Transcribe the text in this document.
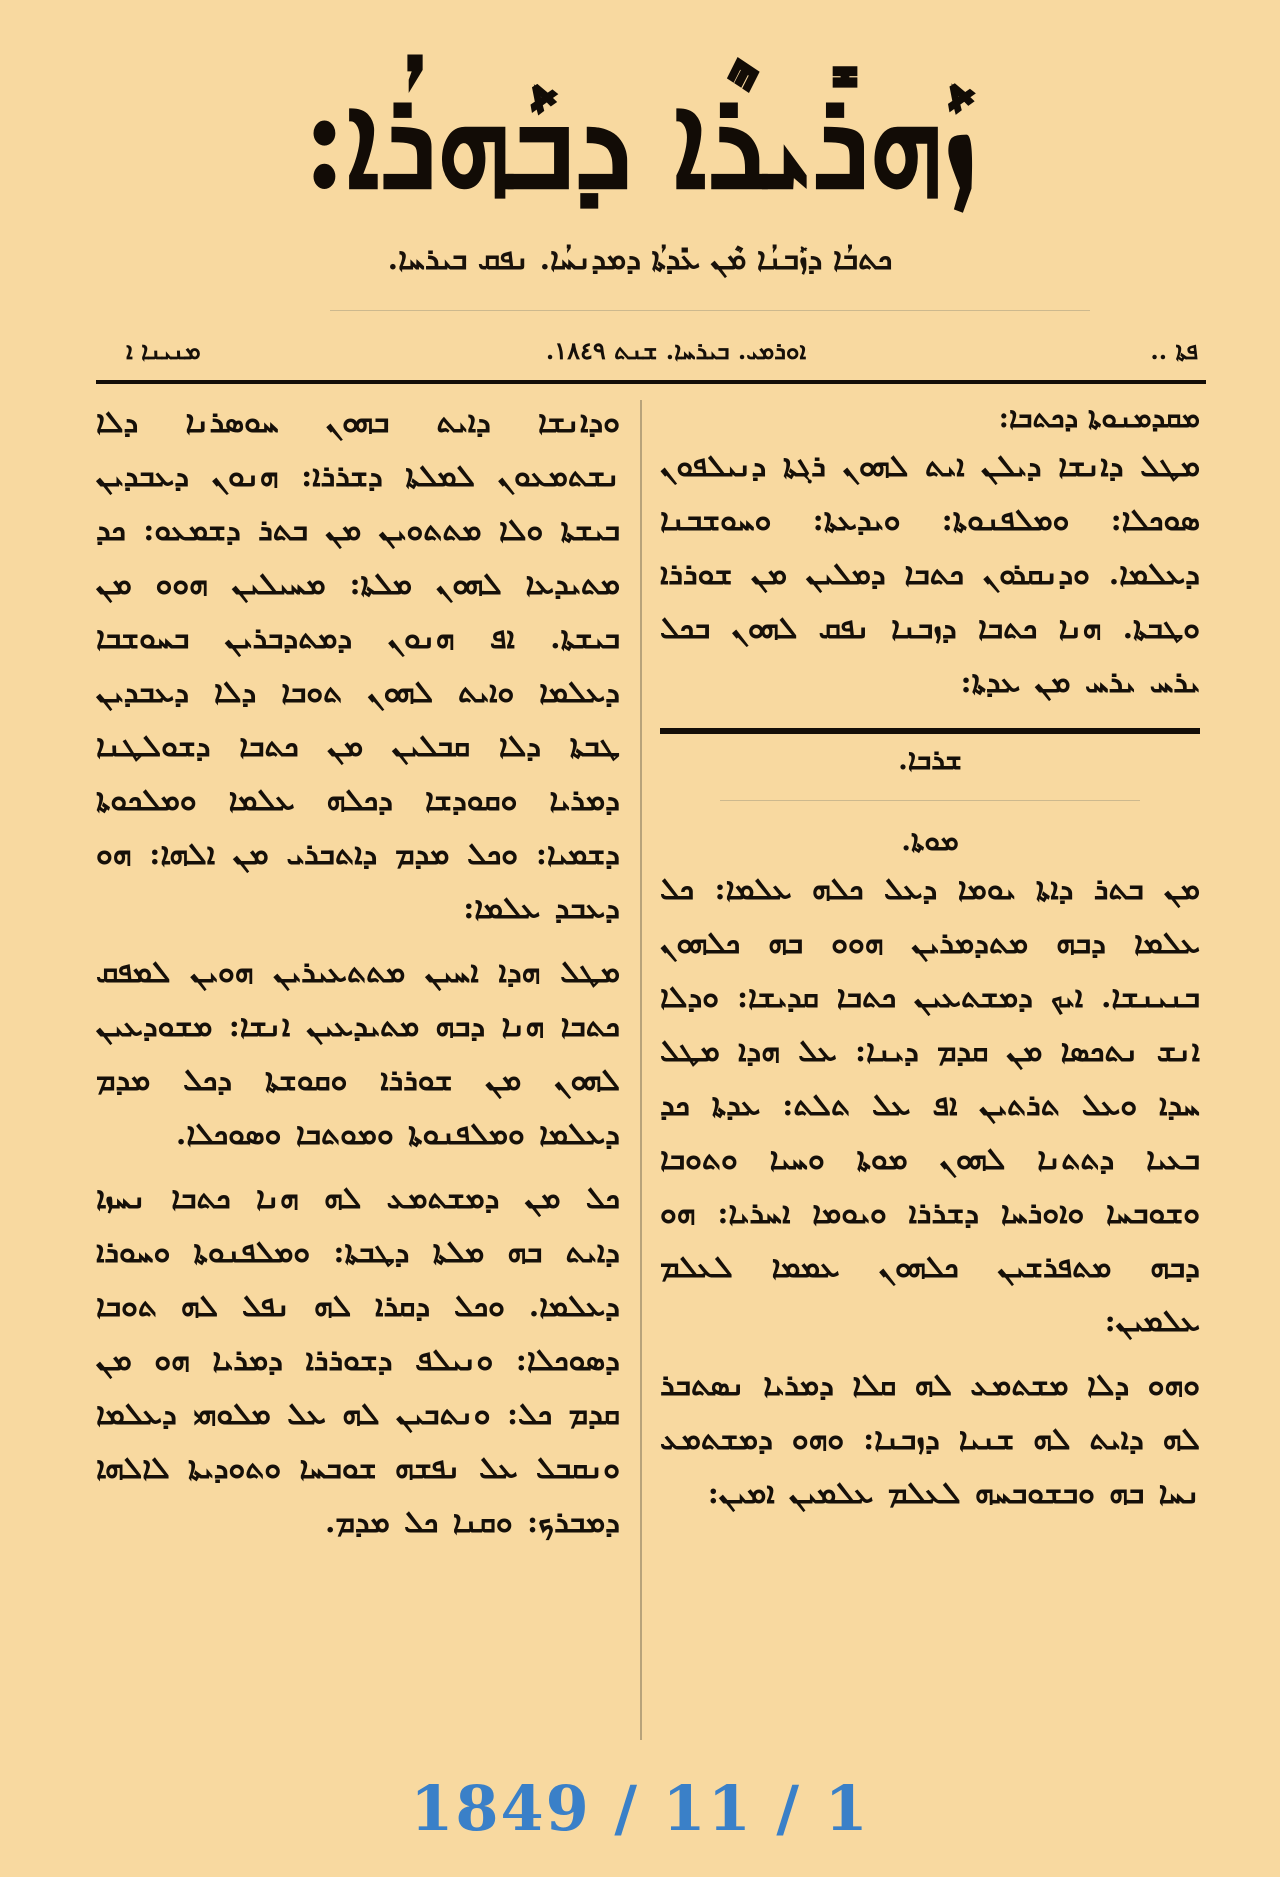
ܙܰܗܪܺܝܪܶܐ ܕܒܰܗܪܳܐ:
ܟܬܒܳܐ ܕܙܰܒܢܳܐ ܡܶܢ ܥܺܕܬܳܐ ܕܡܕܢܚܳܐ. ܢܦܩ ܒܝܪܚܐ.
ܡܢܝܢܐ ܐ	ܐܘܪܡܝ. ܒܝܪܚܐ. ܫܢܬ ١٨٤٩.	ܦܬܐ ..

ܡܩܕܡܢܘܬܐ ܕܟܬܒܐ:

ܡܛܠ ܕܐܢܫܐ ܕܝܠܢ ܐܝܬ ܠܗܘܢ ܪܓܬܐ ܕܢܝܠܦܘܢ ܣܘܟܠܐ: ܘܡܠܦܢܘܬܐ: ܘܝܕܥܬܐ: ܘܚܘܫܒܢܐ ܕܥܠܡܐ. ܘܕܢܩܪܘܢ ܟܬܒܐ ܕܡܠܝܢ ܡܢ ܫܘܪܪܐ ܘܛܒܬܐ. ܗܢܐ ܟܬܒܐ ܕܙܒܢܐ ܢܦܩ ܠܗܘܢ ܒܟܠ ܝܪܚ ܝܪܚ ܡܢ ܥܕܬܐ:

ܫܪܒܐ.

ܡܘܬܐ.

ܡܢ ܒܬܪ ܕܐܬܐ ܝܘܡܐ ܕܥܠ ܟܠܗ ܥܠܡܐ: ܟܠ ܥܠܡܐ ܕܒܗ ܡܬܕܡܪܝܢ ܗܘܘ ܒܗ ܟܠܗܘܢ ܒܢܝܢܫܐ. ܐܝܟ ܕܡܫܬܥܝܢ ܟܬܒܐ ܩܕܝܫܐ: ܘܕܠܐ ܐܢܫ ܢܬܟܣܐ ܡܢ ܩܕܡ ܕܝܢܐ: ܥܠ ܗܕܐ ܡܛܠ ܚܕܐ ܘܥܠ ܬܪܬܝܢ ܐܦ ܥܠ ܬܠܬ: ܥܕܬܐ ܟܕ ܒܥܝܐ ܕܬܬܢܐ ܠܗܘܢ ܡܘܬܐ ܘܚܝܐ ܘܬܘܒܐ ܘܫܘܒܚܐ ܘܐܘܪܚܐ ܕܫܪܪܐ ܘܝܘܡܐ ܐܚܪܝܐ: ܗܘ ܕܒܗ ܡܬܦܪܫܝܢ ܟܠܗܘܢ ܥܡܡܐ ܠܥܠܡ ܥܠܡܝܢ:

ܘܗܘ ܕܠܐ ܡܫܬܡܥ ܠܗ ܩܠܐ ܕܡܪܝܐ ܢܣܬܒܪ ܠܗ ܕܐܝܬ ܠܗ ܫܢܝܐ ܕܙܒܢܐ: ܘܗܘ ܕܡܫܬܡܥ ܢܚܐ ܒܗ ܘܒܫܘܒܚܗ ܠܥܠܡ ܥܠܡܝܢ ܐܡܝܢ:

ܘܕܐܢܫܐ ܕܐܝܬ ܒܗܘܢ ܚܘܣܪܢܐ ܕܠܐ ܢܫܬܡܥܘܢ ܠܡܠܬܐ ܕܫܪܪܐ: ܗܢܘܢ ܕܥܒܕܝܢ ܒܝܫܬܐ ܘܠܐ ܡܬܬܘܝܢ ܡܢ ܒܬܪ ܕܫܡܥܘ: ܟܕ ܡܬܝܕܥܐ ܠܗܘܢ ܡܠܬܐ: ܡܚܝܠܝܢ ܗܘܘ ܡܢ ܒܝܫܬܐ. ܐܦ ܗܢܘܢ ܕܡܬܕܒܪܝܢ ܒܚܘܫܒܐ ܕܥܠܡܐ ܘܐܝܬ ܠܗܘܢ ܬܘܒܐ ܕܠܐ ܕܥܒܕܝܢ ܛܒܬܐ ܕܠܐ ܩܒܠܝܢ ܡܢ ܟܬܒܐ ܕܫܘܠܛܢܐ ܕܡܪܝܐ ܘܩܘܕܫܐ ܕܟܠܗ ܥܠܡܐ ܘܡܠܟܘܬܐ ܕܫܡܝܐ: ܘܟܠ ܡܕܡ ܕܐܬܒܪܝ ܡܢ ܐܠܗܐ: ܗܘ ܕܥܒܕ ܥܠܡܐ:

ܡܛܠ ܗܕܐ ܐܚܝܢ ܡܬܬܥܝܪܝܢ ܗܘܝܢ ܠܡܦܩ ܟܬܒܐ ܗܢܐ ܕܒܗ ܡܬܝܕܥܝܢ ܐܢܫܐ: ܡܫܘܕܥܝܢ ܠܗܘܢ ܡܢ ܫܘܪܪܐ ܘܩܘܫܬܐ ܕܟܠ ܡܕܡ ܕܥܠܡܐ ܘܡܠܦܢܘܬܐ ܘܡܘܬܒܐ ܘܣܘܟܠܐ.

ܟܠ ܡܢ ܕܡܫܬܡܥ ܠܗ ܗܢܐ ܟܬܒܐ ܢܚܙܐ ܕܐܝܬ ܒܗ ܡܠܬܐ ܕܛܒܬܐ: ܘܡܠܦܢܘܬܐ ܘܚܘܪܐ ܕܥܠܡܐ. ܘܟܠ ܕܩܪܐ ܠܗ ܢܦܠ ܠܗ ܬܘܒܐ ܕܣܘܟܠܐ: ܘܢܝܠܦ ܕܫܘܪܪܐ ܕܡܪܝܐ ܗܘ ܡܢ ܩܕܡ ܟܠ: ܘܢܬܒܝܢ ܠܗ ܥܠ ܡܠܘܗܝ ܕܥܠܡܐ ܘܢܩܒܠ ܥܠ ܢܦܫܗ ܫܘܒܚܐ ܘܬܘܕܝܬܐ ܠܐܠܗܐ ܕܡܒܪܟ: ܘܩܢܐ ܟܠ ܡܕܡ.

1849 / 11 / 1
